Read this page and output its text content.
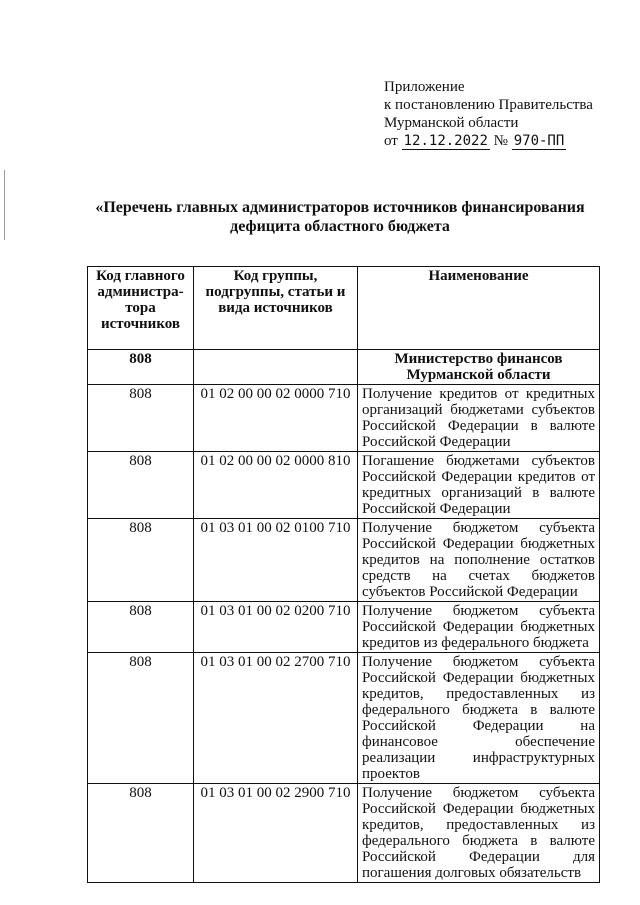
Приложение
к постановлению Правительства
Мурманской области
от 12.12.2022 № 970-ПП
«Перечень главных администраторов источников финансирования
дефицита областного бюджета
Код главного администра-тора источников	Код группы, подгруппы, статьи и вида источников	Наименование
808		Министерство финансов Мурманской области
808	01 02 00 00 02 0000 710	Получение кредитов от кредитных организаций бюджетами субъектов Российской Федерации в валюте Российской Федерации
808	01 02 00 00 02 0000 810	Погашение бюджетами субъектов Российской Федерации кредитов от кредитных организаций в валюте Российской Федерации
808	01 03 01 00 02 0100 710	Получение бюджетом субъекта Российской Федерации бюджетных кредитов на пополнение остатков средств на счетах бюджетов субъектов Российской Федерации
808	01 03 01 00 02 0200 710	Получение бюджетом субъекта Российской Федерации бюджетных кредитов из федерального бюджета
808	01 03 01 00 02 2700 710	Получение бюджетом субъекта Российской Федерации бюджетных кредитов, предоставленных из федерального бюджета в валюте Российской Федерации на финансовое обеспечение реализации инфраструктурных проектов
808	01 03 01 00 02 2900 710	Получение бюджетом субъекта Российской Федерации бюджетных кредитов, предоставленных из федерального бюджета в валюте Российской Федерации для погашения долговых обязательств
